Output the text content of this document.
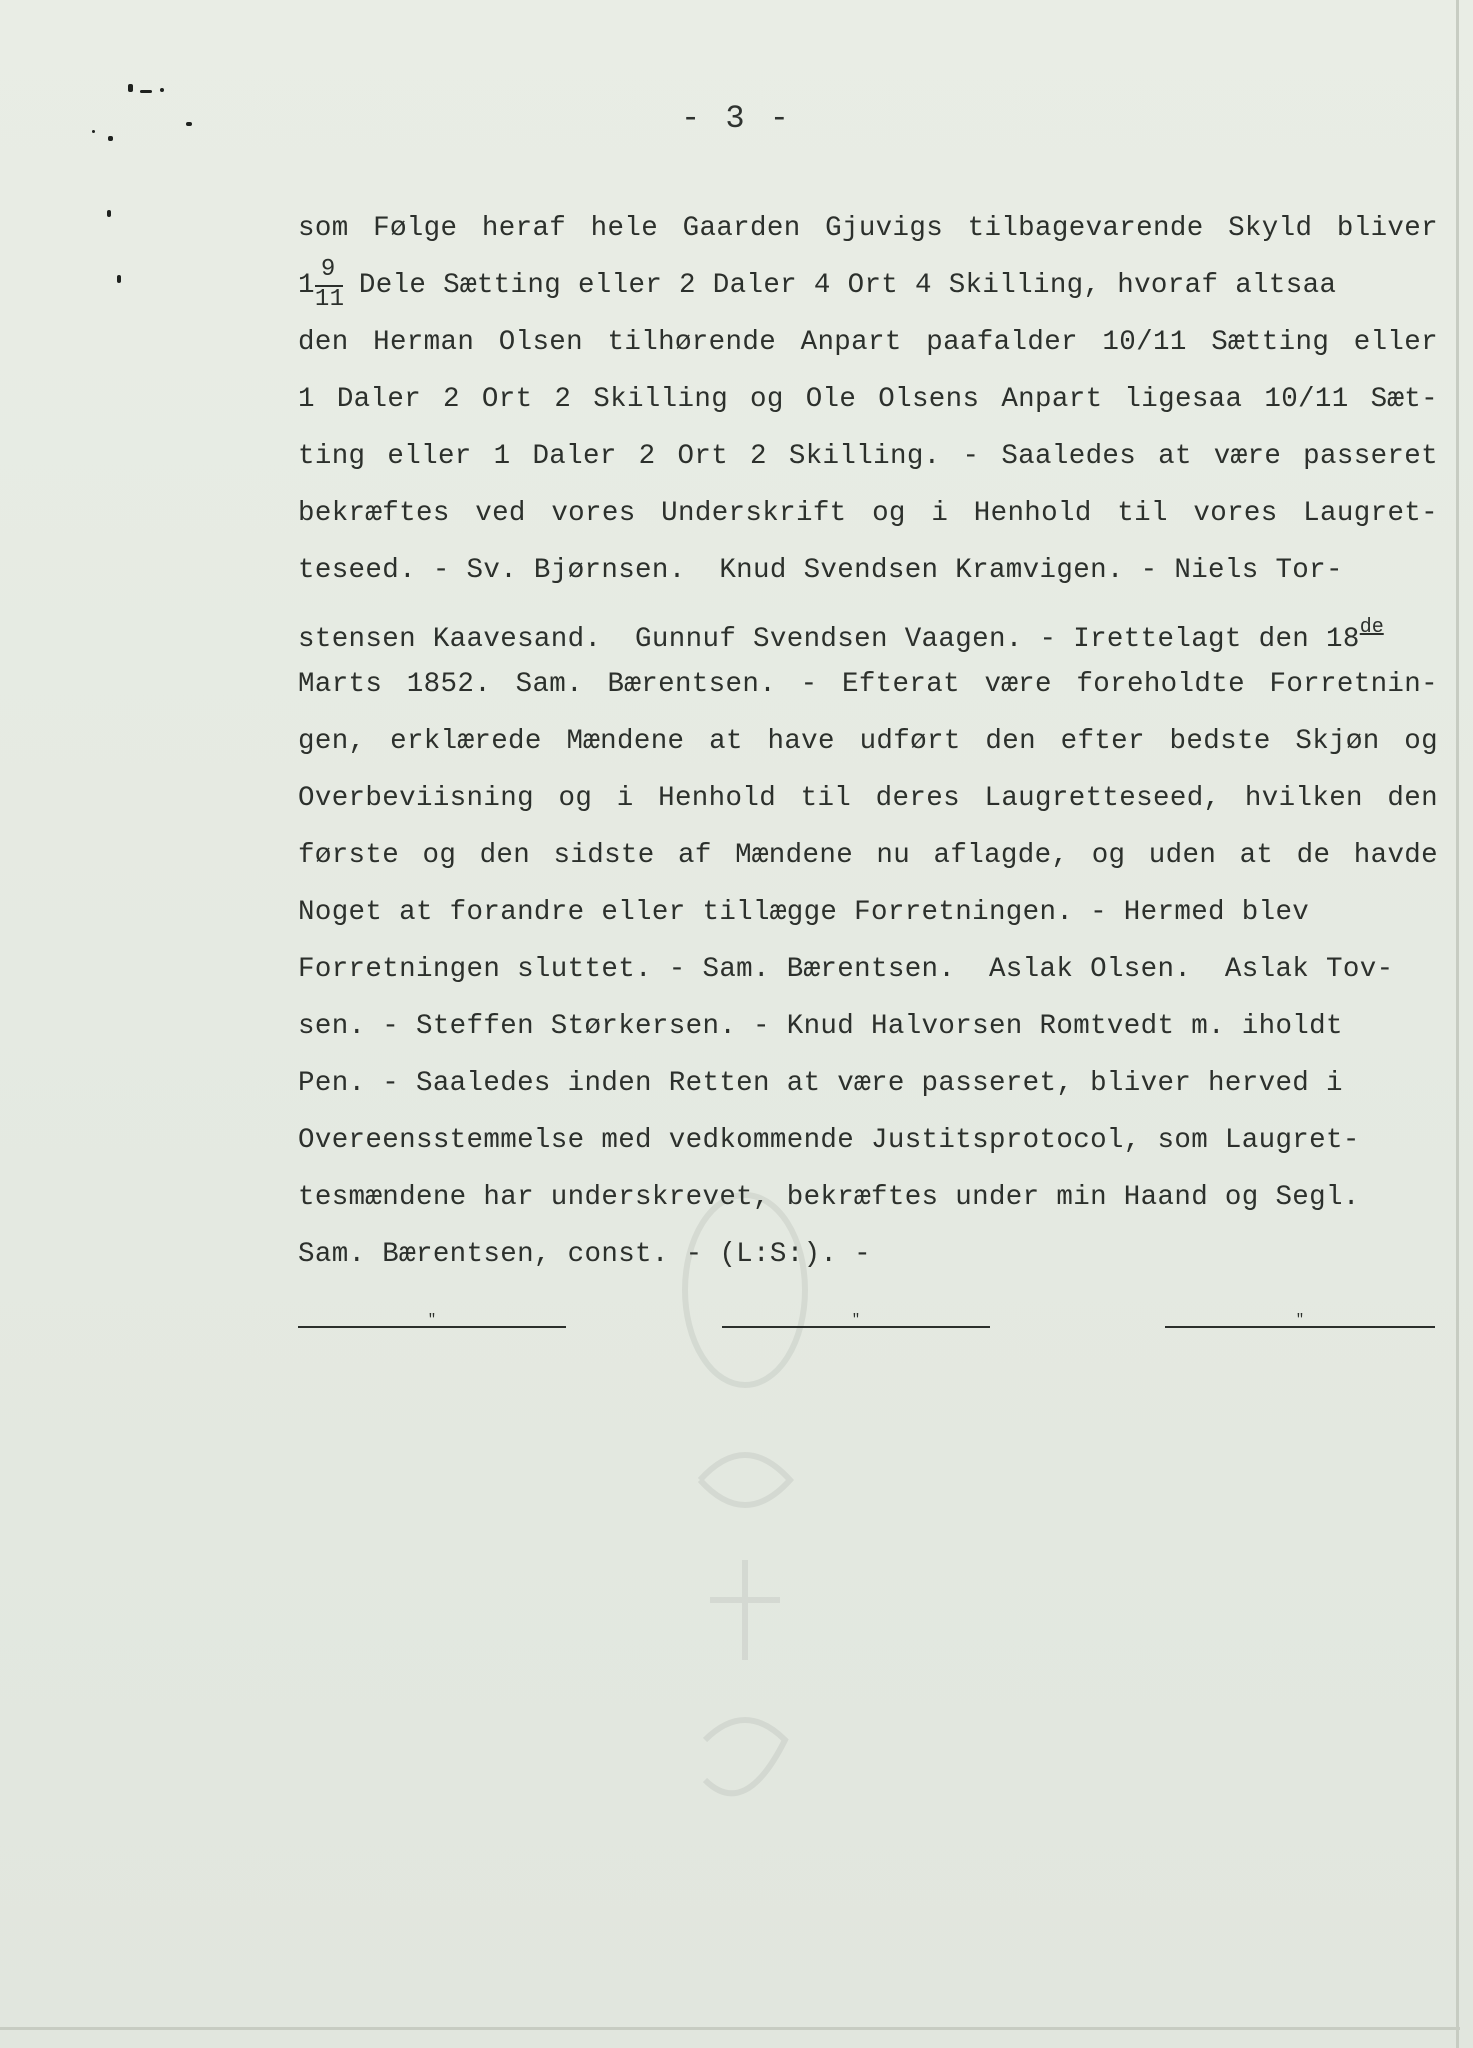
- 3 -
som Følge heraf hele Gaarden Gjuvigs tilbagevarende Skyld bliver
$1 \frac{9}{11}$ Dele Sætting eller 2 Daler 4 Ort 4 Skilling, hvoraf altsaa
den Herman Olsen tilhørende Anpart paafalder 10/11 Sætting eller
1 Daler 2 Ort 2 Skilling og Ole Olsens Anpart ligesaa 10/11 Sæt-
ting eller 1 Daler 2 Ort 2 Skilling. - Saaledes at være passeret
bekræftes ved vores Underskrift og i Henhold til vores Laugret-
teseed. - Sv. Bjørnsen.  Knud Svendsen Kramvigen. - Niels Tor-
stensen Kaavesand.  Gunnuf Svendsen Vaagen. - Irettelagt den 18de
Marts 1852. Sam. Bærentsen. - Efterat være foreholdte Forretnin-
gen, erklærede Mændene at have udført den efter bedste Skjøn og
Overbeviisning og i Henhold til deres Laugretteseed, hvilken den
første og den sidste af Mændene nu aflagde, og uden at de havde
Noget at forandre eller tillægge Forretningen. - Hermed blev
Forretningen sluttet. - Sam. Bærentsen.  Aslak Olsen.  Aslak Tov-
sen. - Steffen Størkersen. - Knud Halvorsen Romtvedt m. iholdt
Pen. - Saaledes inden Retten at være passeret, bliver herved i
Overeensstemmelse med vedkommende Justitsprotocol, som Laugret-
tesmændene har underskrevet, bekræftes under min Haand og Segl.
Sam. Bærentsen, const. - (L:S:). -
"	"	"
